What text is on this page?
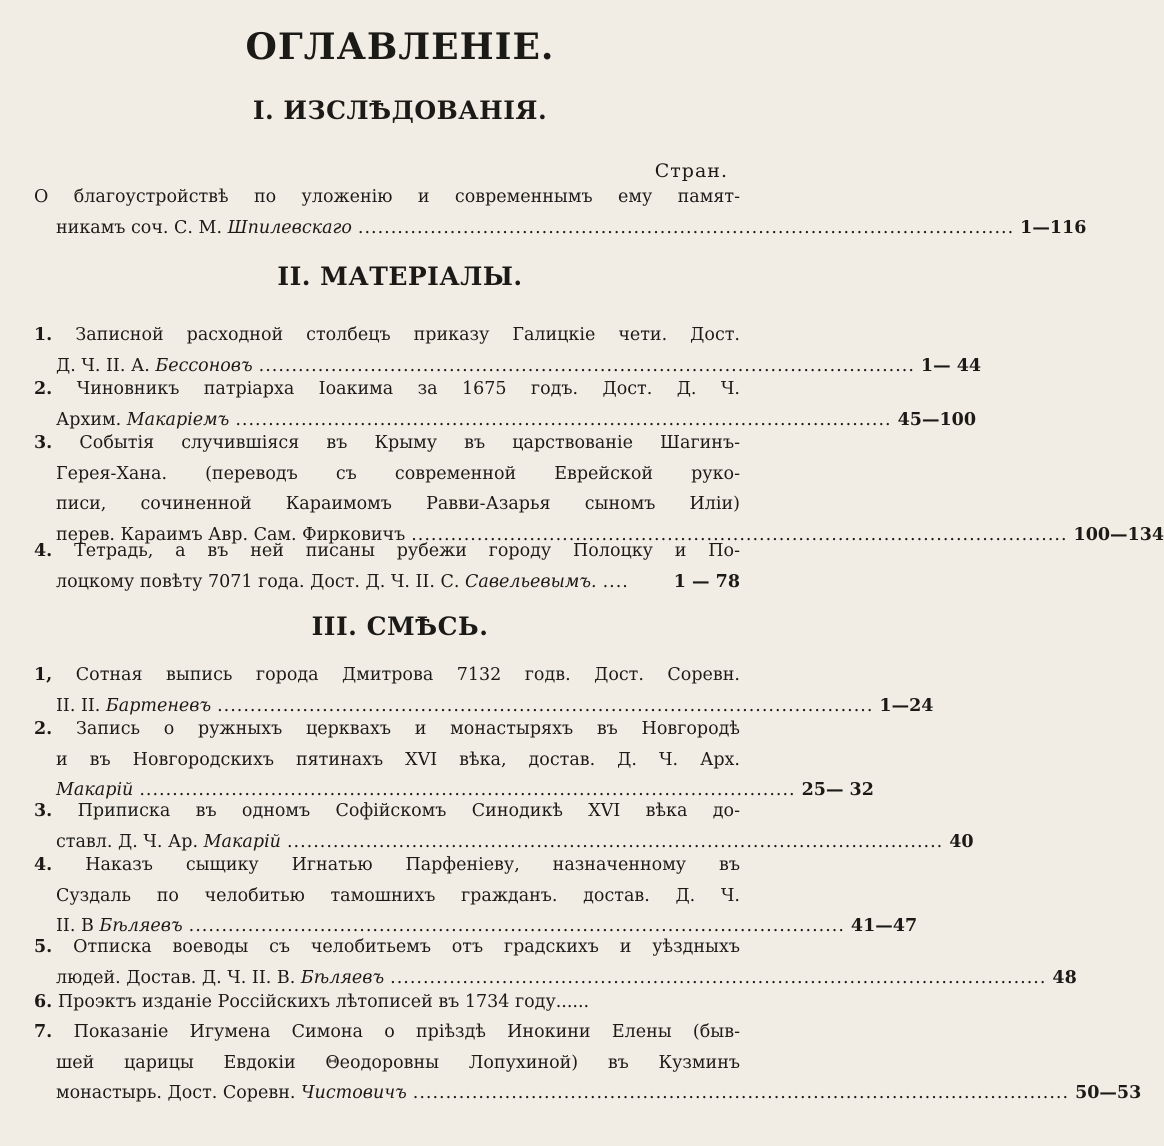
ОГЛАВЛЕНIЕ.
I. ИЗСЛѢДОВАНIЯ.
Стран.
О благоустройствѣ по уложенiю и современнымъ ему памят-
никамъ соч. С. М. Шпилевскаго .................................................................................................... 1—116
II. МАТЕРIАЛЫ.
1. Записной расходной столбецъ приказу Галицкiе чети. Дост.
Д. Ч. II. А. Бессоновъ .................................................................................................... 1— 44
2. Чиновникъ патрiарха Iоакима за 1675 годъ. Дост. Д. Ч.
Архим. Макарiемъ .................................................................................................... 45—100
3. Событiя случившiяся въ Крыму въ царствованiе Шагинъ-
Герея-Хана. (переводъ съ современной Еврейской руко-
писи, сочиненной Караимомъ Равви-Азарья сыномъ Илiи)
перев. Караимъ Авр. Сам. Фирковичъ .................................................................................................... 100—134
4. Тетрадь, а въ ней писаны рубежи городу Полоцку и По-
лоцкому повѣту 7071 года. Дост. Д. Ч. II. С. Савельевымъ. ....	1 — 78
III. СМѢСЬ.
1, Сотная выпись города Дмитрова 7132 годв. Дост. Соревн.
II. II. Бартеневъ .................................................................................................... 1—24
2. Запись о ружныхъ церквахъ и монастыряхъ въ Новгородѣ
и въ Новгородскихъ пятинахъ XVI вѣка, достав. Д. Ч. Арх.
Макарiй .................................................................................................... 25— 32
3. Приписка въ одномъ Софiйскомъ Синодикѣ XVI вѣка до-
ставл. Д. Ч. Ар. Макарiй .................................................................................................... 40
4. Наказъ сыщику Игнатью Парфенiеву, назначенному въ
Суздаль по челобитью тамошнихъ гражданъ. достав. Д. Ч.
II. В Бѣляевъ .................................................................................................... 41—47
5. Отписка воеводы съ челобитьемъ отъ градскихъ и уѣздныхъ
людей. Достав. Д. Ч. II. В. Бѣляевъ .................................................................................................... 48
6. Проэктъ изданiе Россiйскихъ лѣтописей въ 1734 году......
7. Показанiе Игумена Симона о прiѣздѣ Инокини Елены (быв-
шей царицы Евдокiи Θеодоровны Лопухиной) въ Кузминъ
монастырь. Дост. Соревн. Чистовичъ .................................................................................................... 50—53
